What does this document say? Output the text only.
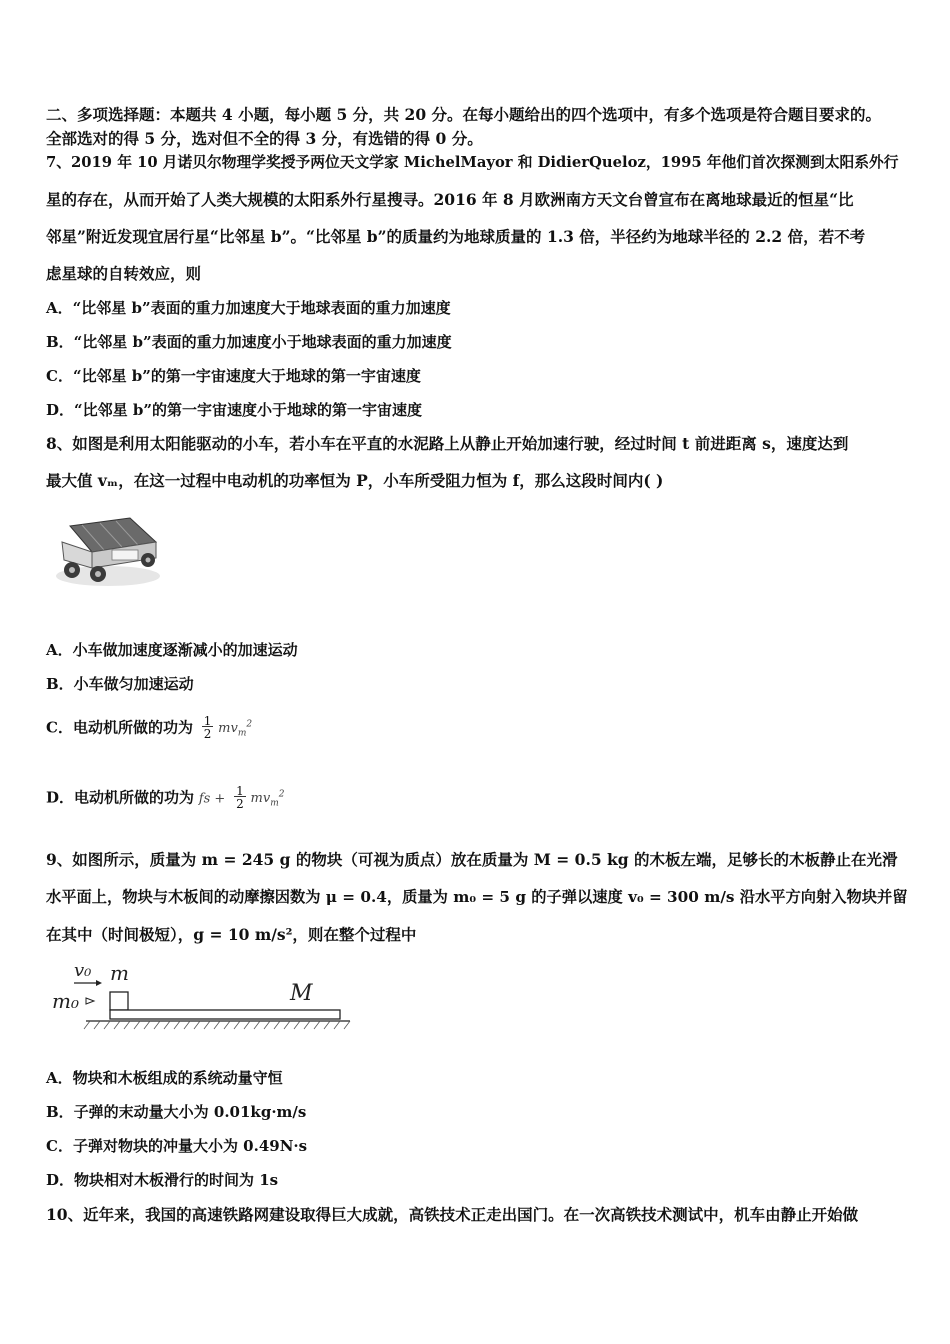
二、多项选择题：本题共 4 小题，每小题 5 分，共 20 分。在每小题给出的四个选项中，有多个选项是符合题目要求的。
全部选对的得 5 分，选对但不全的得 3 分，有选错的得 0 分。
7、2019 年 10 月诺贝尔物理学奖授予两位天文学家 MichelMayor 和 DidierQueloz，1995 年他们首次探测到太阳系外行
星的存在，从而开始了人类大规模的太阳系外行星搜寻。2016 年 8 月欧洲南方天文台曾宣布在离地球最近的恒星“比
邻星”附近发现宜居行星“比邻星 b”。“比邻星 b”的质量约为地球质量的 1.3 倍，半径约为地球半径的 2.2 倍，若不考
虑星球的自转效应，则
A．“比邻星 b”表面的重力加速度大于地球表面的重力加速度
B．“比邻星 b”表面的重力加速度小于地球表面的重力加速度
C．“比邻星 b”的第一宇宙速度大于地球的第一宇宙速度
D．“比邻星 b”的第一宇宙速度小于地球的第一宇宙速度
8、如图是利用太阳能驱动的小车，若小车在平直的水泥路上从静止开始加速行驶，经过时间 t 前进距离 s，速度达到
最大值 vₘ，在这一过程中电动机的功率恒为 P，小车所受阻力恒为 f，那么这段时间内( )
A．小车做加速度逐渐减小的加速运动
B．小车做匀加速运动
C．电动机所做的功为 $\frac{1}{2} mv_m^2$
D．电动机所做的功为 fs + $\frac{1}{2} mv_m^2$
9、如图所示，质量为 m = 245 g 的物块（可视为质点）放在质量为 M = 0.5 kg 的木板左端，足够长的木板静止在光滑
水平面上，物块与木板间的动摩擦因数为 μ = 0.4，质量为 m₀ = 5 g 的子弹以速度 v₀ = 300 m/s 沿水平方向射入物块并留
在其中（时间极短），g = 10 m/s²，则在整个过程中
v₀ m
m₀	M
A．物块和木板组成的系统动量守恒
B．子弹的末动量大小为 0.01kg·m/s
C．子弹对物块的冲量大小为 0.49N·s
D．物块相对木板滑行的时间为 1s
10、近年来，我国的高速铁路网建设取得巨大成就，高铁技术正走出国门。在一次高铁技术测试中，机车由静止开始做
